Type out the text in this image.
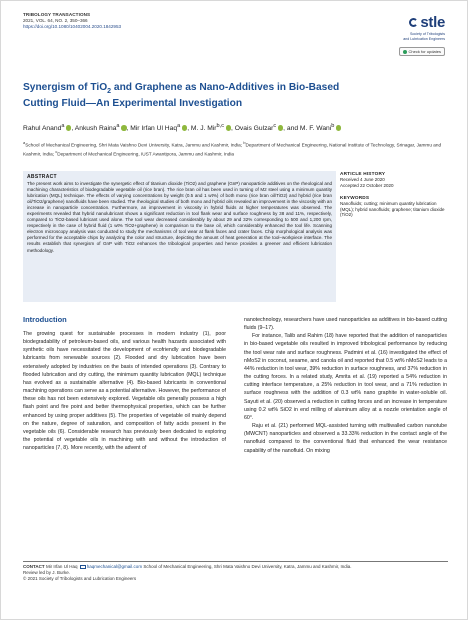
TRIBOLOGY TRANSACTIONS
2021, VOL. 64, NO. 2, 350–366
https://doi.org/10.1080/10402004.2020.1842953	stle
Society of Tribologists
and Lubrication Engineers
Check for updates
Synergism of TiO$_2$ and Graphene as Nano-Additives in Bio-Based Cutting Fluid—An Experimental Investigation
Rahul Anand$^a$ , Ankush Raina$^a$ , Mir Irfan Ul Haq$^a$ , M. J. Mir$^{b,c}$ , Ovais Gulzar$^c$ , and M. F. Wani$^b$
$^a$School of Mechanical Engineering, Shri Mata Vaishno Devi University, Katra, Jammu and Kashmir, India; $^b$Department of Mechanical Engineering, National Institute of Technology, Srinagar, Jammu and Kashmir, India; $^c$Department of Mechanical Engineering, IUST Awantipora, Jammu and Kashmir, India
ABSTRACT
The present work aims to investigate the synergetic effect of titanium dioxide (TiO2) and graphene (GnP) nanoparticle additives on the rheological and machining characteristics of biodegradable vegetable oil (rice bran). The rice bran oil has been used in turning of M2 steel using a minimum quantity lubrication (MQL) technique. The effects of varying concentrations by weight (0.5 and 1 wt%) of both mono (rice bran oil/TiO2) and hybrid (rice bran oil/TiO2/graphene) nanofluids have been studied. The rheological studies of both mono and hybrid oils revealed an improvement in the viscosity with an increase in nanoparticle concentration. Furthermore, an improvement in viscosity in hybrid fluids at higher temperatures was observed. The experiments revealed that hybrid nanolubricant shows a significant reduction in tool flank wear and surface roughness by 38 and 11%, respectively, compared to TiO2-based lubricant used alone. The tool wear decreased considerably by about 29 and 32% corresponding to 500 and 1,200 rpm, respectively in the case of hybrid fluid (1 wt% TiO2+graphene) in comparison to the base oil, which considerably enhanced the tool life. Scanning electron microscopy analysis was conducted to study the mechanisms of tool wear at flank faces and crater faces. Chip morphological analysis was performed for the acceptable chips by analyzing the color and structure, depicting the amount of heat generation at the tool–workpiece interface. The results establish that synergism of GnP with TiO2 enhances the tribological properties and hence provides a greener and efficient lubrication methodology.
ARTICLE HISTORY
Received 4 June 2020
Accepted 22 October 2020
KEYWORDS
Nanofluids; cutting; minimum quantity lubrication (MQL); hybrid nanofluids; graphene; titanium dioxide (TiO2)

The growing quest for sustainable processes in modern industry (1), poor biodegradability of petroleum-based oils, and various health hazards associated with synthetic oils have necessitated the development of ecofriendly and biodegradable lubricants from renewable sources (2). Flooded and dry lubrication have been extensively adopted by industries on the basis of intended operations (3). Contrary to flooded lubrication and dry cutting, the minimum quantity lubrication (MQL) technique has evolved as a sustainable alternative (4). Bio-based lubricants in conventional machining operations can serve as a potential alternative. However, the performance of these oils has not been extensively explored. Vegetable oils generally possess a high flash point and fire point and better thermophysical properties, which can be further enhanced by using proper additives (5). The properties of vegetable oil mainly depend on the nature, degree of saturation, and composition of fatty acids present in the vegetable oils (6). Considerable research has previously been dedicated to exploring the potential of vegetable oils in machining with and without the introduction of nanoparticles (7, 8). More recently, with the advent of

Introduction	nanotechnology, researchers have used nanoparticles as additives in bio-based cutting fluids (9–17).

For instance, Talib and Rahim (18) have reported that the addition of nanoparticles in bio-based vegetable oils resulted in improved tribological performance by reducing the tool wear rate and surface roughness. Padmini et al. (16) investigated the effect of nMoS2 in coconut, sesame, and canola oil and reported that 0.5 wt% nMoS2 leads to a 44% reduction in tool wear, 39% reduction in surface roughness, and 37% reduction in the cutting forces. In a related study, Amrita et al. (19) reported a 54% reduction in cutting interface temperature, a 25% reduction in tool wear, and a 71% reduction in surface roughness with the addition of 0.3 wt% nano graphite in water-soluble oil. Sayuti et al. (20) observed a reduction in cutting forces and an increase in temperature using 0.2 wt% SiO2 in end milling of aluminum alloy at a nozzle orientation angle of 60°.

Raju et al. (21) performed MQL-assisted turning with multiwalled carbon nanotube (MWCNT) nanoparticles and observed a 33.33% reduction in the contact angle of the nanofluid compared to the conventional fluid that enhanced the wear resistance capability of the nanofluid. On mixing

CONTACT Mir Irfan Ul Haq haqmechanical@gmail.com School of Mechanical Engineering, Shri Mata Vaishno Devi University, Katra, Jammu and Kashmir, India.
Review led by J. Burke.
© 2021 Society of Tribologists and Lubrication Engineers
